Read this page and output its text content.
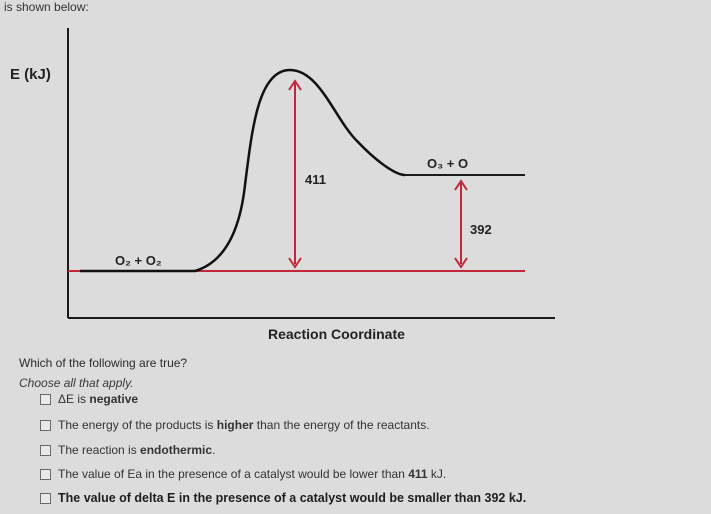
is shown below:
E (kJ)
411
392
O₂ + O₂
O₃ + O
Reaction Coordinate
Which of the following are true?
Choose all that apply.
ΔE is negative
The energy of the products is higher than the energy of the reactants.
The reaction is endothermic.
The value of Ea in the presence of a catalyst would be lower than 411 kJ.
The value of delta E in the presence of a catalyst would be smaller than 392 kJ.
